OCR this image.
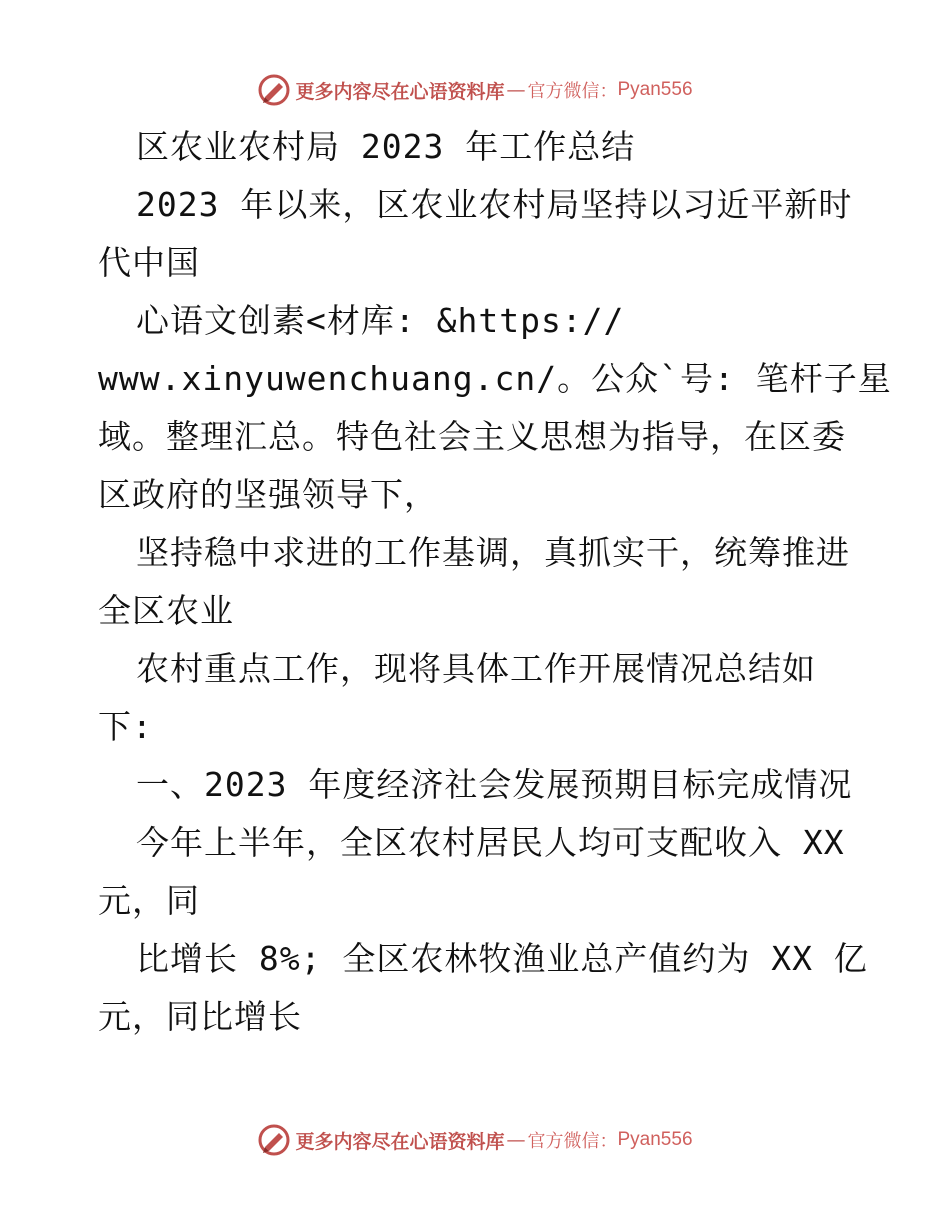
更多内容尽在心语资料库 — 官方微信： Pyan556
区农业农村局 2023 年工作总结
2023 年以来，区农业农村局坚持以习近平新时
代中国
心语文创素<材库: &https://
www.xinyuwenchuang.cn/。公众`号: 笔杆子星
域。整理汇总。特色社会主义思想为指导，在区委
区政府的坚强领导下，
坚持稳中求进的工作基调，真抓实干，统筹推进
全区农业
农村重点工作，现将具体工作开展情况总结如
下:
一、2023 年度经济社会发展预期目标完成情况
今年上半年，全区农村居民人均可支配收入 XX
元，同
比增长 8%; 全区农林牧渔业总产值约为 XX 亿
元，同比增长
更多内容尽在心语资料库 — 官方微信： Pyan556
